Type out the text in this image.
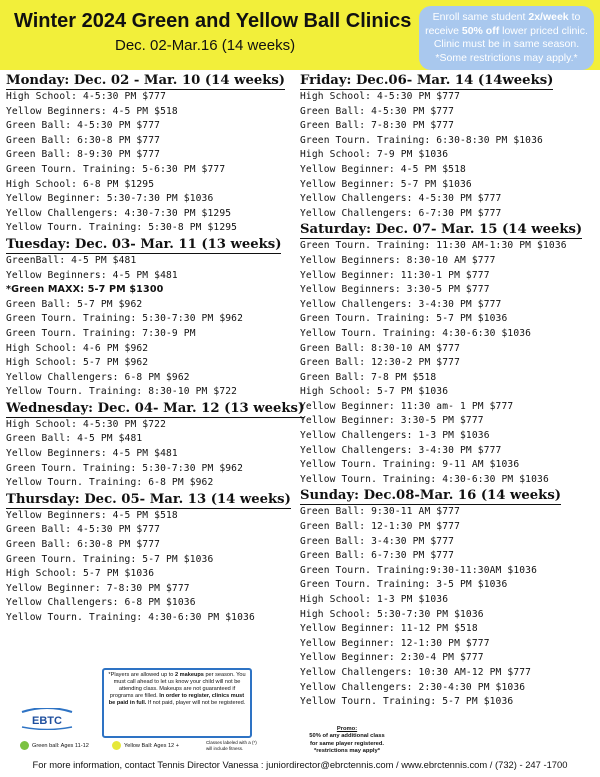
Winter 2024 Green and Yellow Ball Clinics
Dec. 02-Mar.16 (14 weeks)
Enroll same student 2x/week to receive 50% off lower priced clinic. Clinic must be in same season. *Some restrictions may apply.*
Monday: Dec. 02 - Mar. 10 (14 weeks)
High School: 4-5:30 PM $777
Yellow Beginners: 4-5 PM $518
Green Ball: 4-5:30 PM $777
Green Ball: 6:30-8 PM $777
Green Ball: 8-9:30 PM $777
Green Tourn. Training: 5-6:30 PM $777
High School: 6-8 PM $1295
Yellow Beginner: 5:30-7:30 PM $1036
Yellow Challengers: 4:30-7:30 PM $1295
Yellow Tourn. Training: 5:30-8 PM $1295
Tuesday: Dec. 03- Mar. 11 (13 weeks)
GreenBall: 4-5 PM $481
Yellow Beginners: 4-5 PM $481
*Green MAXX: 5-7 PM $1300
Green Ball: 5-7 PM $962
Green Tourn. Training: 5:30-7:30 PM $962
Green Tourn. Training: 7:30-9 PM
High School: 4-6 PM $962
High School: 5-7 PM $962
Yellow Challengers: 6-8 PM $962
Yellow Tourn. Training: 8:30-10 PM $722
Wednesday: Dec. 04- Mar. 12 (13 weeks)
High School: 4-5:30 PM $722
Green Ball: 4-5 PM $481
Yellow Beginners: 4-5 PM $481
Green Tourn. Training: 5:30-7:30 PM $962
Yellow Tourn. Training: 6-8 PM $962
Thursday: Dec. 05- Mar. 13 (14 weeks)
Yellow Beginners: 4-5 PM $518
Green Ball: 4-5:30 PM $777
Green Ball: 6:30-8 PM $777
Green Tourn. Training: 5-7 PM $1036
High School: 5-7 PM $1036
Yellow Beginner: 7-8:30 PM $777
Yellow Challengers: 6-8 PM $1036
Yellow Tourn. Training: 4:30-6:30 PM $1036
Friday: Dec.06- Mar. 14 (14weeks)
High School: 4-5:30 PM $777
Green Ball: 4-5:30 PM $777
Green Ball: 7-8:30 PM $777
Green Tourn. Training: 6:30-8:30 PM $1036
High School: 7-9 PM $1036
Yellow Beginner: 4-5 PM $518
Yellow Beginner: 5-7 PM $1036
Yellow Challengers: 4-5:30 PM $777
Yellow Challengers: 6-7:30 PM $777
Saturday: Dec. 07- Mar. 15 (14 weeks)
Green Tourn. Training: 11:30 AM-1:30 PM $1036
Yellow Beginners: 8:30-10 AM $777
Yellow Beginner: 11:30-1 PM $777
Yellow Beginners: 3:30-5 PM $777
Yellow Challengers: 3-4:30 PM $777
Green Tourn. Training: 5-7 PM $1036
Yellow Tourn. Training: 4:30-6:30 $1036
Green Ball: 8:30-10 AM $777
Green Ball: 12:30-2 PM $777
Green Ball: 7-8 PM $518
High School: 5-7 PM $1036
Yellow Beginner: 11:30 am- 1 PM $777
Yellow Beginner: 3:30-5 PM $777
Yellow Challengers: 1-3 PM $1036
Yellow Challengers: 3-4:30 PM $777
Yellow Tourn. Training: 9-11 AM $1036
Yellow Tourn. Training: 4:30-6:30 PM $1036
Sunday: Dec.08-Mar. 16 (14 weeks)
Green Ball: 9:30-11 AM $777
Green Ball: 12-1:30 PM $777
Green Ball: 3-4:30 PM $777
Green Ball: 6-7:30 PM $777
Green Tourn. Training:9:30-11:30AM $1036
Green Tourn. Training: 3-5 PM $1036
High School: 1-3 PM $1036
High School: 5:30-7:30 PM $1036
Yellow Beginner: 11-12 PM $518
Yellow Beginner: 12-1:30 PM $777
Yellow Beginner: 2:30-4 PM $777
Yellow Challengers: 10:30 AM-12 PM $777
Yellow Challengers: 2:30-4:30 PM $1036
Yellow Tourn. Training: 5-7 PM $1036
*Players are allowed up to 2 makeups per season. You must call ahead to let us know your child will not be attending class. Makeups are not guaranteed if programs are filled. In order to register, clinics must be paid in full. If not paid, player will not be registered.
EBTC
Green ball: Ages 11-12	Yellow Ball: Ages 12 +
Classes labeled with a (*) will include fitness.
Promo:
50% of any additional class
for same player registered.
*restrictions may apply*
For more information, contact Tennis Director Vanessa : juniordirector@ebrctennis.com / www.ebrctennis.com / (732) - 247 -1700
